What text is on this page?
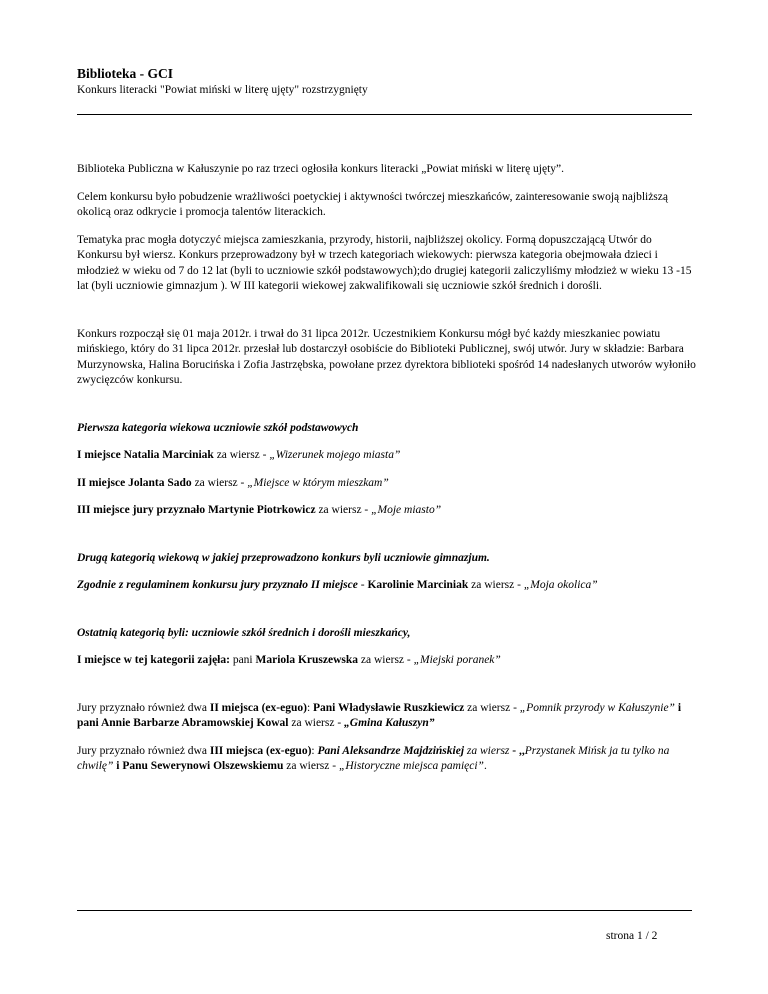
Biblioteka - GCI
Konkurs literacki "Powiat miński w literę ujęty" rozstrzygnięty

Biblioteka Publiczna w Kałuszynie po raz trzeci ogłosiła konkurs literacki „Powiat miński w literę ujęty”.

Celem konkursu było pobudzenie wrażliwości poetyckiej i aktywności twórczej mieszkańców, zainteresowanie swoją najbliższą okolicą oraz odkrycie i promocja talentów literackich.

Tematyka prac mogła dotyczyć miejsca zamieszkania, przyrody, historii, najbliższej okolicy. Formą dopuszczającą Utwór do Konkursu był wiersz. Konkurs przeprowadzony był w trzech kategoriach wiekowych: pierwsza kategoria obejmowała dzieci i młodzież w wieku od 7 do 12 lat (byli to uczniowie szkół podstawowych);do drugiej kategorii zaliczyliśmy młodzież w wieku 13 -15 lat (byli uczniowie gimnazjum ). W III kategorii wiekowej zakwalifikowali się uczniowie szkół średnich i dorośli.

Konkurs rozpoczął się 01 maja 2012r. i trwał do 31 lipca 2012r. Uczestnikiem Konkursu mógł być każdy mieszkaniec powiatu mińskiego, który do 31 lipca 2012r. przesłał lub dostarczył osobiście do Biblioteki Publicznej, swój utwór. Jury w składzie: Barbara Murzynowska, Halina Borucińska i Zofia Jastrzębska, powołane przez dyrektora biblioteki spośród 14 nadesłanych utworów wyłoniło zwycięzców konkursu.

Pierwsza kategoria wiekowa uczniowie szkół podstawowych

I miejsce Natalia Marciniak za wiersz - „Wizerunek mojego miasta”

II miejsce Jolanta Sado za wiersz - „Miejsce w którym mieszkam”

III miejsce jury przyznało Martynie Piotrkowicz za wiersz - „Moje miasto”

Drugą kategorią wiekową w jakiej przeprowadzono konkurs byli uczniowie gimnazjum.

Zgodnie z regulaminem konkursu jury przyznało II miejsce - Karolinie Marciniak za wiersz - „Moja okolica”

Ostatnią kategorią byli: uczniowie szkół średnich i dorośli mieszkańcy,

I miejsce w tej kategorii zajęła: pani Mariola Kruszewska za wiersz - „Miejski poranek”

Jury przyznało również dwa II miejsca (ex-eguo): Pani Władysławie Ruszkiewicz za wiersz - „Pomnik przyrody w Kałuszynie” i pani Annie Barbarze Abramowskiej Kowal za wiersz - „Gmina Kałuszyn”

Jury przyznało również dwa III miejsca (ex-eguo): Pani Aleksandrze Majdzińskiej za wiersz - ,,Przystanek Mińsk ja tu tylko na chwilę” i Panu Sewerynowi Olszewskiemu za wiersz - „Historyczne miejsca pamięci”.

strona 1 / 2
